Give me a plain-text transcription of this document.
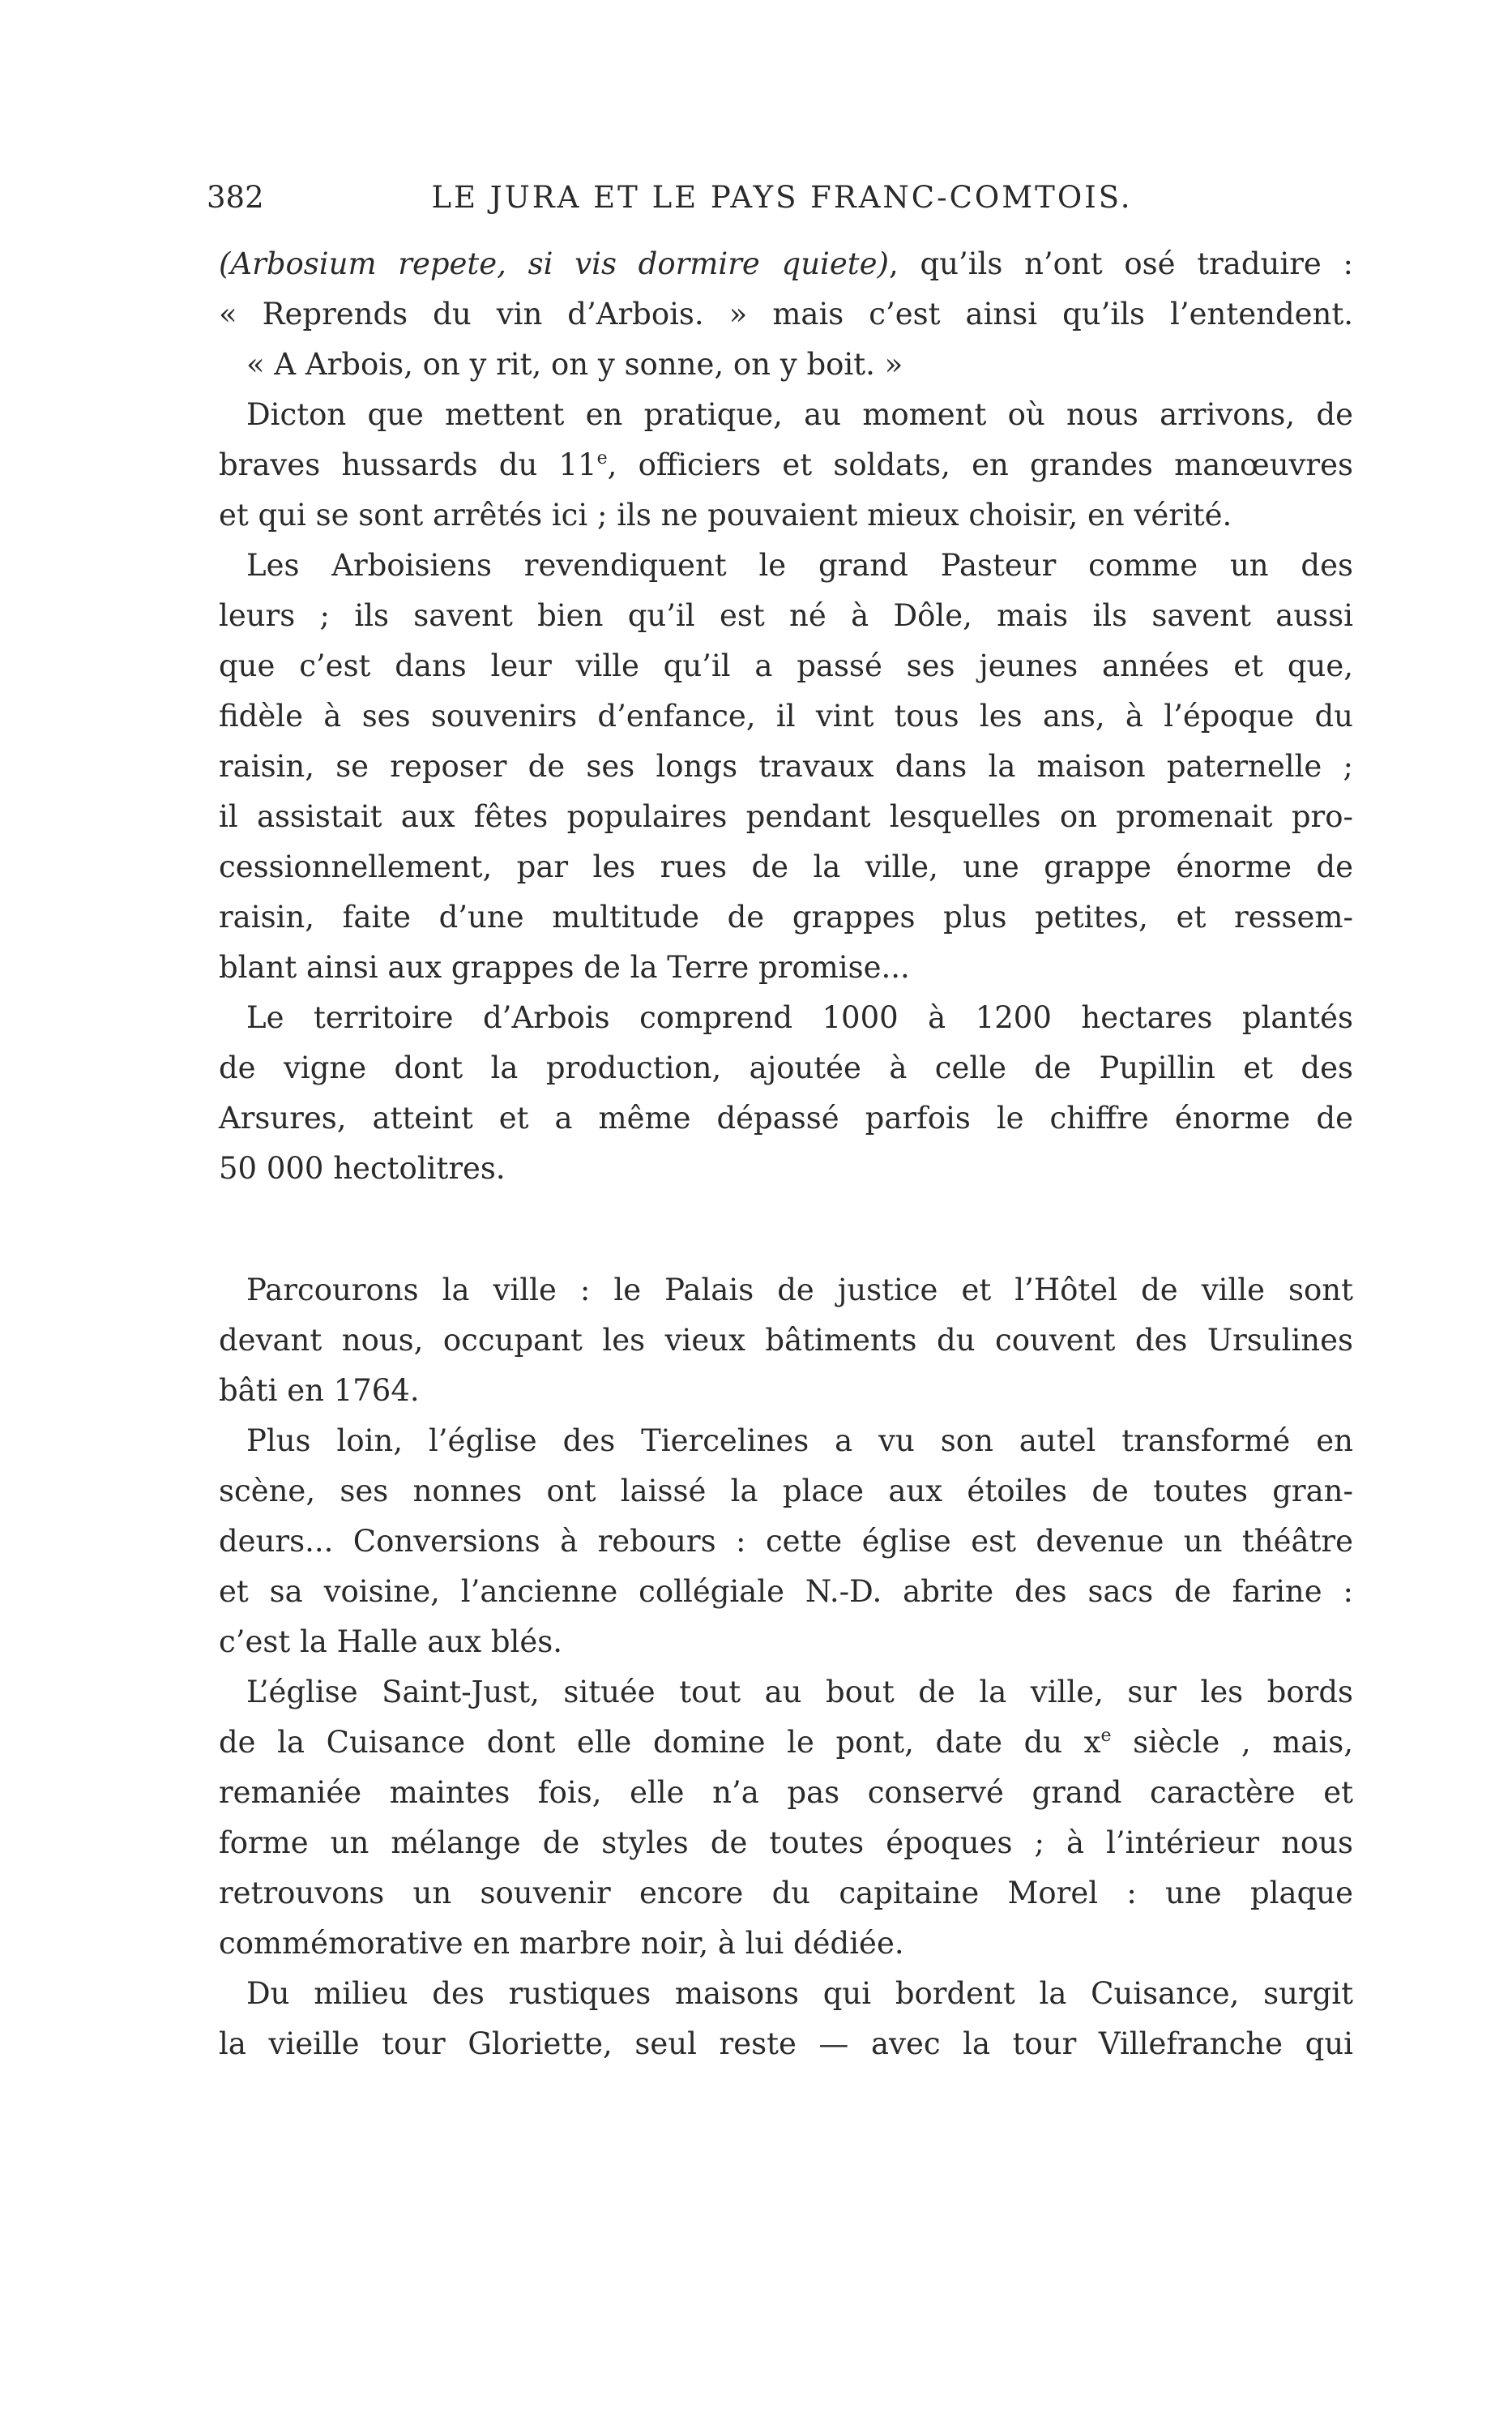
382	LE JURA ET LE PAYS FRANC-COMTOIS.
(Arbosium repete, si vis dormire quiete), qu’ils n’ont osé traduire :
« Reprends du vin d’Arbois. » mais c’est ainsi qu’ils l’entendent.
« A Arbois, on y rit, on y sonne, on y boit. »
Dicton que mettent en pratique, au moment où nous arrivons, de
braves hussards du 11e, officiers et soldats, en grandes manœuvres
et qui se sont arrêtés ici ; ils ne pouvaient mieux choisir, en vérité.
Les Arboisiens revendiquent le grand Pasteur comme un des
leurs ; ils savent bien qu’il est né à Dôle, mais ils savent aussi
que c’est dans leur ville qu’il a passé ses jeunes années et que,
fidèle à ses souvenirs d’enfance, il vint tous les ans, à l’époque du
raisin, se reposer de ses longs travaux dans la maison paternelle ;
il assistait aux fêtes populaires pendant lesquelles on promenait pro-
cessionnellement, par les rues de la ville, une grappe énorme de
raisin, faite d’une multitude de grappes plus petites, et ressem-
blant ainsi aux grappes de la Terre promise...
Le territoire d’Arbois comprend 1000 à 1200 hectares plantés
de vigne dont la production, ajoutée à celle de Pupillin et des
Arsures, atteint et a même dépassé parfois le chiffre énorme de
50 000 hectolitres.
Parcourons la ville : le Palais de justice et l’Hôtel de ville sont
devant nous, occupant les vieux bâtiments du couvent des Ursulines
bâti en 1764.
Plus loin, l’église des Tiercelines a vu son autel transformé en
scène, ses nonnes ont laissé la place aux étoiles de toutes gran-
deurs... Conversions à rebours : cette église est devenue un théâtre
et sa voisine, l’ancienne collégiale N.-D. abrite des sacs de farine :
c’est la Halle aux blés.
L’église Saint-Just, située tout au bout de la ville, sur les bords
de la Cuisance dont elle domine le pont, date du $x^e$ siècle , mais,
remaniée maintes fois, elle n’a pas conservé grand caractère et
forme un mélange de styles de toutes époques ; à l’intérieur nous
retrouvons un souvenir encore du capitaine Morel : une plaque
commémorative en marbre noir, à lui dédiée.
Du milieu des rustiques maisons qui bordent la Cuisance, surgit
la vieille tour Gloriette, seul reste — avec la tour Villefranche qui
